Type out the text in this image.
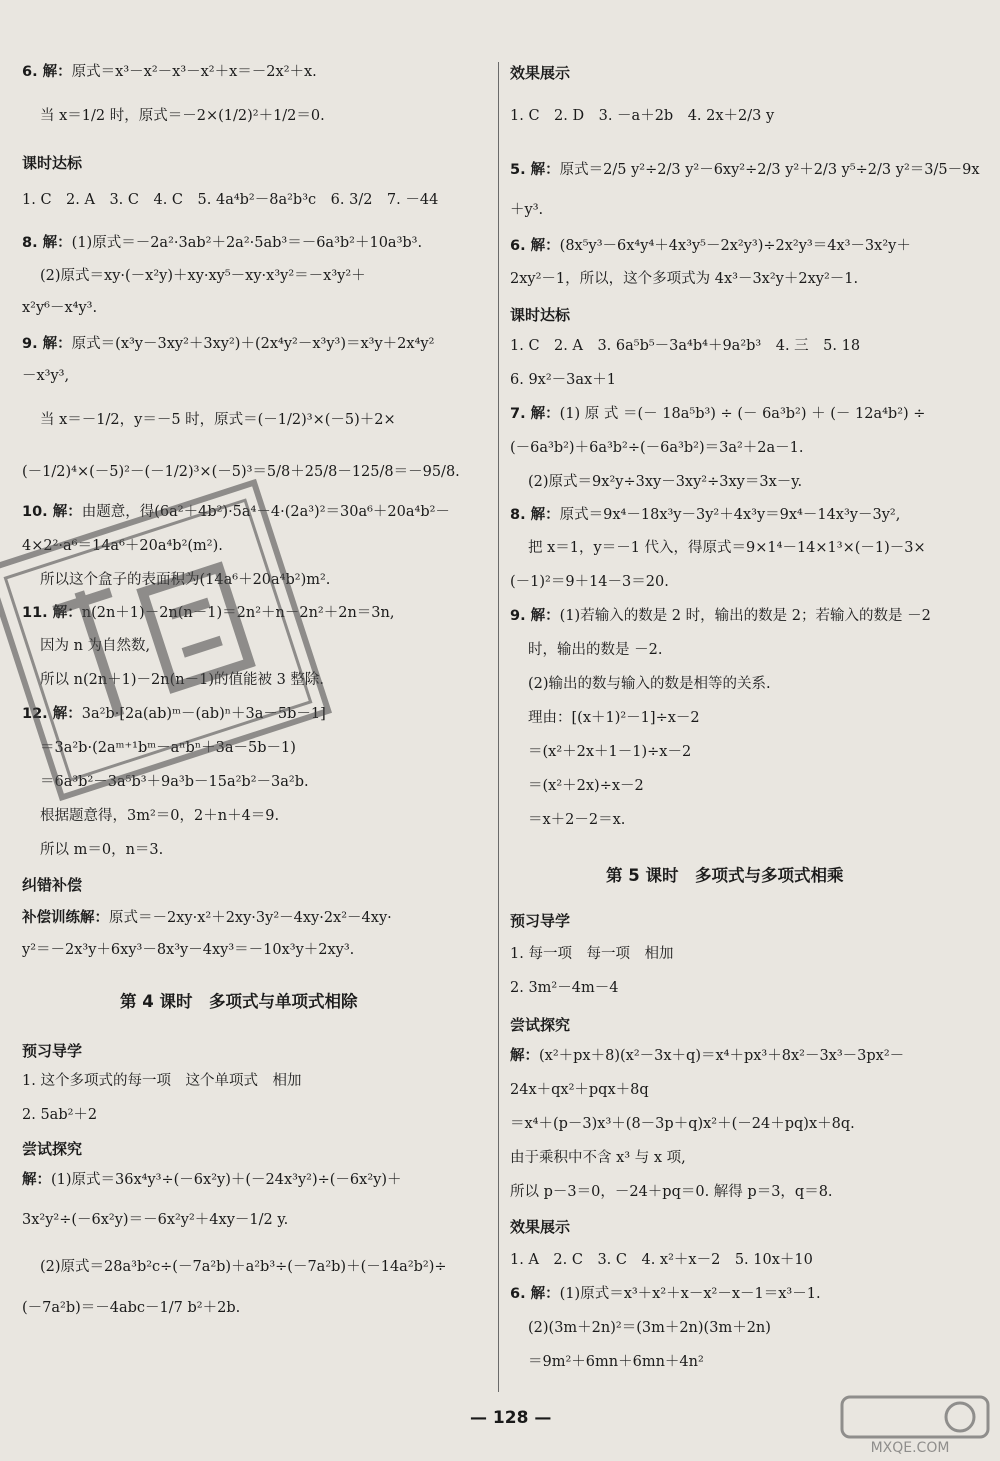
6. 解：原式＝x³－x²－x³－x²＋x＝－2x²＋x.
当 x＝1/2 时，原式＝－2×(1/2)²＋1/2＝0.
课时达标
1. C　2. A　3. C　4. C　5. 4a⁴b²－8a²b³c　6. 3/2　7. －44
8. 解：(1)原式＝－2a²·3ab²＋2a²·5ab³＝－6a³b²＋10a³b³.
(2)原式＝xy·(－x²y)＋xy·xy⁵－xy·x³y²＝－x³y²＋
x²y⁶－x⁴y³.
9. 解：原式＝(x³y－3xy²＋3xy²)＋(2x⁴y²－x³y³)＝x³y＋2x⁴y²
－x³y³,
当 x＝－1/2，y＝－5 时，原式＝(－1/2)³×(－5)＋2×
(－1/2)⁴×(－5)²－(－1/2)³×(－5)³＝5/8＋25/8－125/8＝－95/8.
10. 解：由题意，得(6a²＋4b²)·5a⁴－4·(2a³)²＝30a⁶＋20a⁴b²－
4×2²·a⁶＝14a⁶＋20a⁴b²(m²).
所以这个盒子的表面积为(14a⁶＋20a⁴b²)m².
11. 解：n(2n＋1)－2n(n－1)＝2n²＋n－2n²＋2n＝3n,
因为 n 为自然数,
所以 n(2n＋1)－2n(n－1)的值能被 3 整除.
12. 解：3a²b·[2a(ab)ᵐ－(ab)ⁿ＋3a－5b－1]
＝3a²b·(2aᵐ⁺¹bᵐ－aⁿbⁿ＋3a－5b－1)
＝6a³b²－3a⁵b³＋9a³b－15a²b²－3a²b.
根据题意得，3m²＝0，2＋n＋4＝9.
所以 m＝0，n＝3.
纠错补偿
补偿训练解：原式＝－2xy·x²＋2xy·3y²－4xy·2x²－4xy·
y²＝－2x³y＋6xy³－8x³y－4xy³＝－10x³y＋2xy³.
第 4 课时　多项式与单项式相除
预习导学
1. 这个多项式的每一项　这个单项式　相加
2. 5ab²＋2
尝试探究
解：(1)原式＝36x⁴y³÷(－6x²y)＋(－24x³y²)÷(－6x²y)＋
3x²y²÷(－6x²y)＝－6x²y²＋4xy－1/2 y.
(2)原式＝28a³b²c÷(－7a²b)＋a²b³÷(－7a²b)＋(－14a²b²)÷
(－7a²b)＝－4abc－1/7 b²＋2b.
效果展示
1. C　2. D　3. －a＋2b　4. 2x＋2/3 y
5. 解：原式＝2/5 y²÷2/3 y²－6xy²÷2/3 y²＋2/3 y⁵÷2/3 y²＝3/5－9x
＋y³.
6. 解：(8x⁵y³－6x⁴y⁴＋4x³y⁵－2x²y³)÷2x²y³＝4x³－3x²y＋
2xy²－1，所以，这个多项式为 4x³－3x²y＋2xy²－1.
课时达标
1. C　2. A　3. 6a⁵b⁵－3a⁴b⁴＋9a²b³　4. 三　5. 18
6. 9x²－3ax＋1
7. 解：(1) 原 式 ＝(－ 18a⁵b³) ÷ (－ 6a³b²) ＋ (－ 12a⁴b²) ÷
(－6a³b²)＋6a³b²÷(－6a³b²)＝3a²＋2a－1.
(2)原式＝9x²y÷3xy－3xy²÷3xy＝3x－y.
8. 解：原式＝9x⁴－18x³y－3y²＋4x³y＝9x⁴－14x³y－3y²,
把 x＝1，y＝－1 代入，得原式＝9×1⁴－14×1³×(－1)－3×
(－1)²＝9＋14－3＝20.
9. 解：(1)若输入的数是 2 时，输出的数是 2；若输入的数是 －2
时，输出的数是 －2.
(2)输出的数与输入的数是相等的关系.
理由：[(x＋1)²－1]÷x－2
＝(x²＋2x＋1－1)÷x－2
＝(x²＋2x)÷x－2
＝x＋2－2＝x.
第 5 课时　多项式与多项式相乘
预习导学
1. 每一项　每一项　相加
2. 3m²－4m－4
尝试探究
解：(x²＋px＋8)(x²－3x＋q)＝x⁴＋px³＋8x²－3x³－3px²－
24x＋qx²＋pqx＋8q
＝x⁴＋(p－3)x³＋(8－3p＋q)x²＋(－24＋pq)x＋8q.
由于乘积中不含 x³ 与 x 项,
所以 p－3＝0，－24＋pq＝0. 解得 p＝3，q＝8.
效果展示
1. A　2. C　3. C　4. x²＋x－2　5. 10x＋10
6. 解：(1)原式＝x³＋x²＋x－x²－x－1＝x³－1.
(2)(3m＋2n)²＝(3m＋2n)(3m＋2n)
＝9m²＋6mn＋6mn＋4n²
— 128 —
MXQE.COM
